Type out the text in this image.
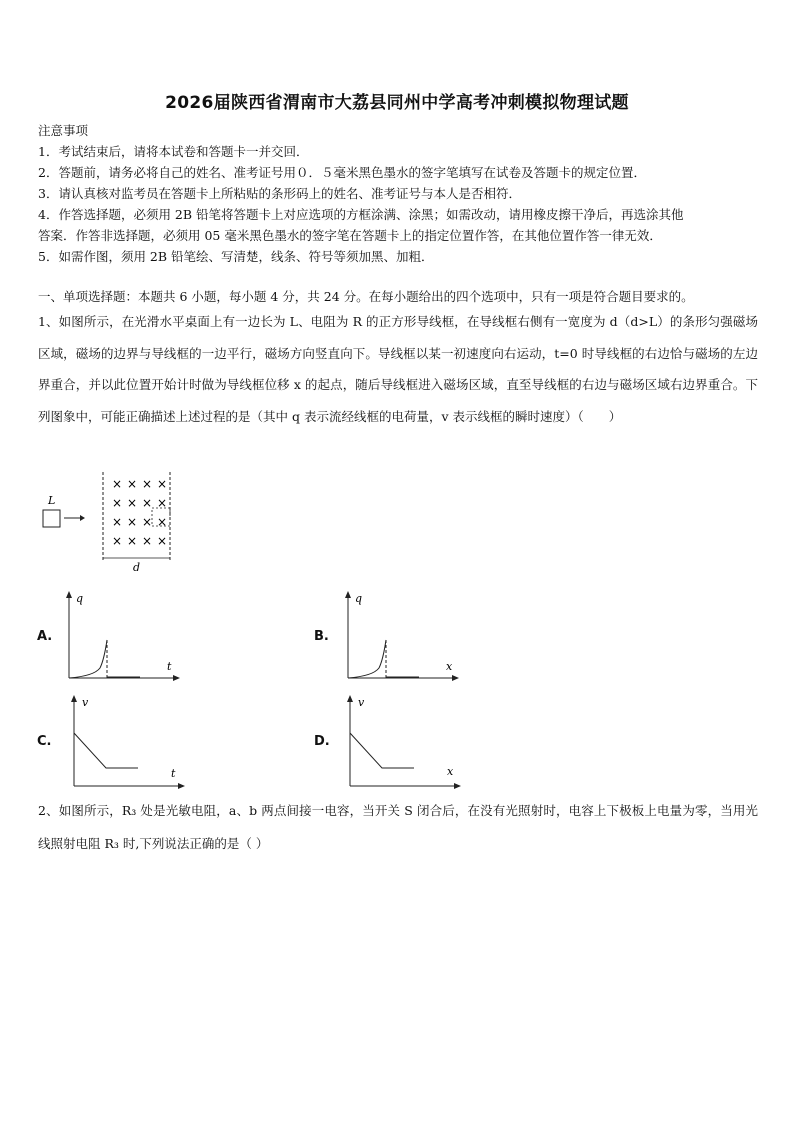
2026届陕西省渭南市大荔县同州中学高考冲刺模拟物理试题
注意事项
1．考试结束后，请将本试卷和答题卡一并交回．
2．答题前，请务必将自己的姓名、准考证号用０．５毫米黑色墨水的签字笔填写在试卷及答题卡的规定位置．
3．请认真核对监考员在答题卡上所粘贴的条形码上的姓名、准考证号与本人是否相符．
4．作答选择题，必须用 2B 铅笔将答题卡上对应选项的方框涂满、涂黑；如需改动，请用橡皮擦干净后，再选涂其他
答案．作答非选择题，必须用 05 毫米黑色墨水的签字笔在答题卡上的指定位置作答，在其他位置作答一律无效．
5．如需作图，须用 2B 铅笔绘、写清楚，线条、符号等须加黑、加粗．
一、单项选择题：本题共 6 小题，每小题 4 分，共 24 分。在每小题给出的四个选项中，只有一项是符合题目要求的。
1、如图所示，在光滑水平桌面上有一边长为 L、电阻为 R 的正方形导线框，在导线框右侧有一宽度为 d（d>L）的条形匀强磁场区域，磁场的边界与导线框的一边平行，磁场方向竖直向下。导线框以某一初速度向右运动，t=0 时导线框的右边恰与磁场的左边界重合，并以此位置开始计时做为导线框位移 x 的起点，随后导线框进入磁场区域，直至导线框的右边与磁场区域右边界重合。下列图象中，可能正确描述上述过程的是（其中 q 表示流经线框的电荷量，v 表示线框的瞬时速度）（　　）
L
× × × ×
× × × ×
× × × ×
× × × ×
d
A.
q
t
B.
q
x
C.
v
t
D.
v
x
2、如图所示，R₃ 处是光敏电阻，a、b 两点间接一电容，当开关 S 闭合后，在没有光照射时，电容上下极板上电量为零，当用光线照射电阻 R₃ 时,下列说法正确的是（ ）
